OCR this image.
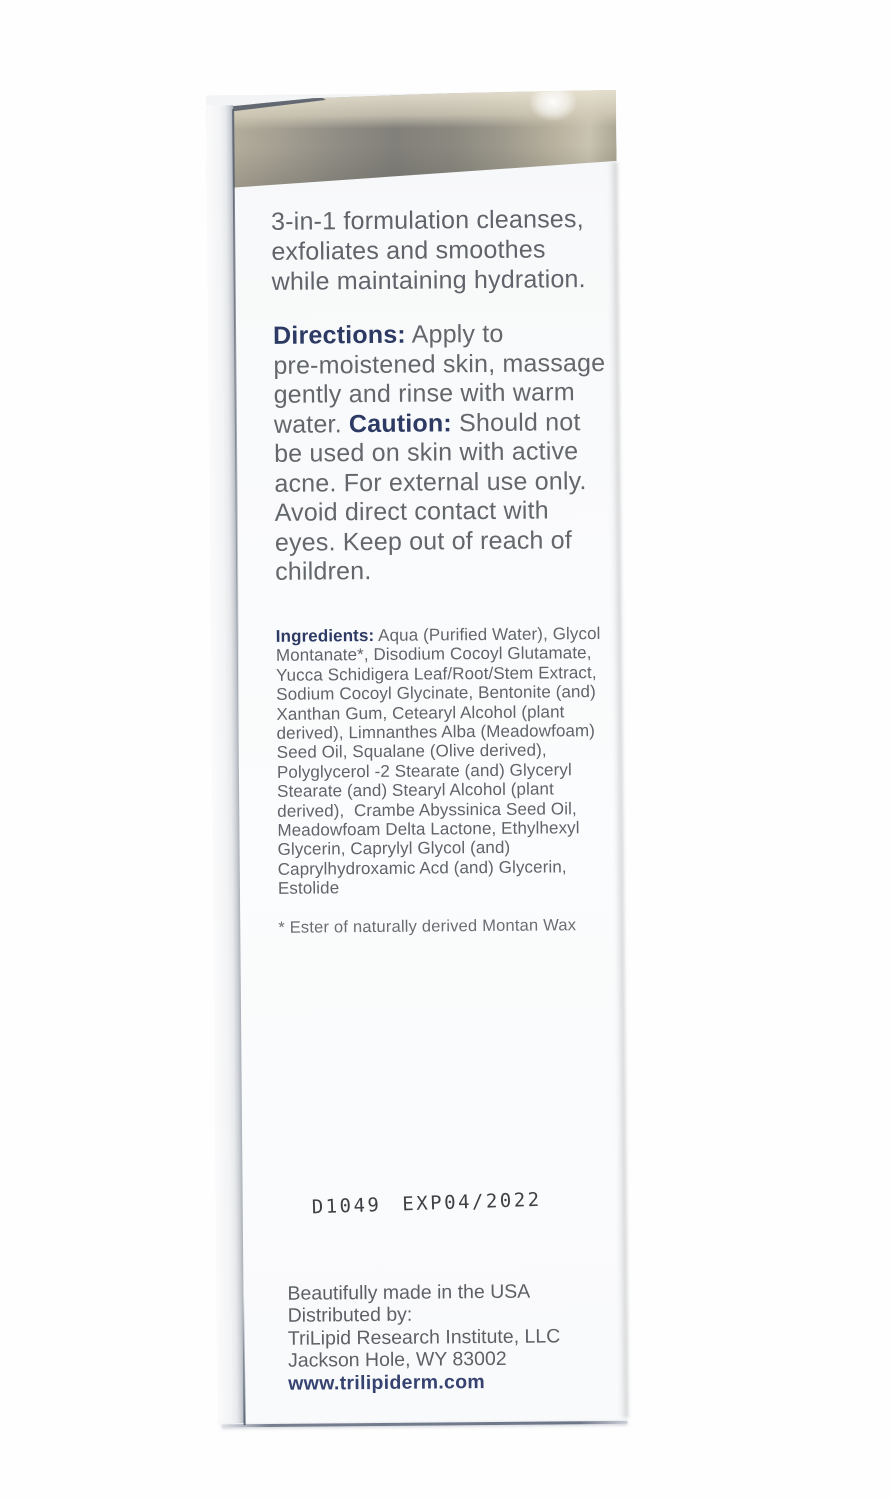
3-in-1 formulation cleanses,
exfoliates and smoothes
while maintaining hydration.
Directions: Apply to
pre-moistened skin, massage
gently and rinse with warm
water. Caution: Should not
be used on skin with active
acne. For external use only.
Avoid direct contact with
eyes. Keep out of reach of
children.
Ingredients: Aqua (Purified Water), Glycol
Montanate*, Disodium Cocoyl Glutamate,
Yucca Schidigera Leaf/Root/Stem Extract,
Sodium Cocoyl Glycinate, Bentonite (and)
Xanthan Gum, Cetearyl Alcohol (plant
derived), Limnanthes Alba (Meadowfoam)
Seed Oil, Squalane (Olive derived),
Polyglycerol -2 Stearate (and) Glyceryl
Stearate (and) Stearyl Alcohol (plant
derived),  Crambe Abyssinica Seed Oil,
Meadowfoam Delta Lactone, Ethylhexyl
Glycerin, Caprylyl Glycol (and)
Caprylhydroxamic Acd (and) Glycerin,
Estolide
* Ester of naturally derived Montan Wax
D1049 EXP04/2022
Beautifully made in the USA
Distributed by:
TriLipid Research Institute, LLC
Jackson Hole, WY 83002
www.trilipiderm.com
